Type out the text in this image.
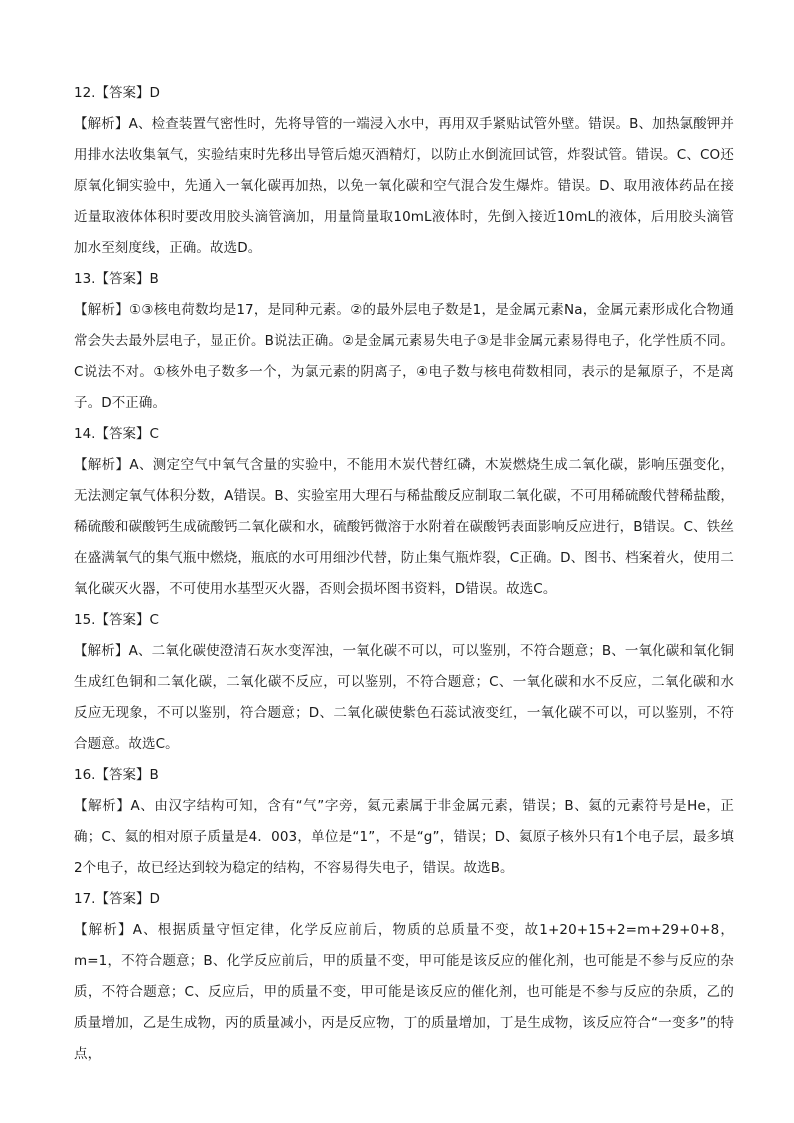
12.【答案】D

【解析】A、检查装置气密性时，先将导管的一端浸入水中，再用双手紧贴试管外壁。错误。B、加热氯酸钾并用排水法收集氧气，实验结束时先移出导管后熄灭酒精灯，以防止水倒流回试管，炸裂试管。错误。C、CO还原氧化铜实验中，先通入一氧化碳再加热，以免一氧化碳和空气混合发生爆炸。错误。D、取用液体药品在接近量取液体体积时要改用胶头滴管滴加，用量筒量取10mL液体时，先倒入接近10mL的液体，后用胶头滴管加水至刻度线，正确。故选D。

13.【答案】B

【解析】①③核电荷数均是17，是同种元素。②的最外层电子数是1，是金属元素Na，金属元素形成化合物通常会失去最外层电子，显正价。B说法正确。②是金属元素易失电子③是非金属元素易得电子，化学性质不同。C说法不对。①核外电子数多一个，为氯元素的阴离子，④电子数与核电荷数相同，表示的是氟原子，不是离子。D不正确。

14.【答案】C

【解析】A、测定空气中氧气含量的实验中，不能用木炭代替红磷，木炭燃烧生成二氧化碳，影响压强变化，无法测定氧气体积分数，A错误。B、实验室用大理石与稀盐酸反应制取二氧化碳，不可用稀硫酸代替稀盐酸，稀硫酸和碳酸钙生成硫酸钙二氧化碳和水，硫酸钙微溶于水附着在碳酸钙表面影响反应进行，B错误。C、铁丝在盛满氧气的集气瓶中燃烧，瓶底的水可用细沙代替，防止集气瓶炸裂，C正确。D、图书、档案着火，使用二氧化碳灭火器，不可使用水基型灭火器，否则会损坏图书资料，D错误。故选C。

15.【答案】C

【解析】A、二氧化碳使澄清石灰水变浑浊，一氧化碳不可以，可以鉴别，不符合题意；B、一氧化碳和氧化铜生成红色铜和二氧化碳，二氧化碳不反应，可以鉴别，不符合题意；C、一氧化碳和水不反应，二氧化碳和水反应无现象，不可以鉴别，符合题意；D、二氧化碳使紫色石蕊试液变红，一氧化碳不可以，可以鉴别，不符合题意。故选C。

16.【答案】B

【解析】A、由汉字结构可知，含有“气”字旁，氦元素属于非金属元素，错误；B、氦的元素符号是He，正确；C、氦的相对原子质量是4．003，单位是“1”，不是“g”，错误；D、氦原子核外只有1个电子层，最多填2个电子，故已经达到较为稳定的结构，不容易得失电子，错误。故选B。

17.【答案】D

【解析】A、根据质量守恒定律，化学反应前后，物质的总质量不变，故1+20+15+2=m+29+0+8，m=1，不符合题意；B、化学反应前后，甲的质量不变，甲可能是该反应的催化剂，也可能是不参与反应的杂质，不符合题意；C、反应后，甲的质量不变，甲可能是该反应的催化剂，也可能是不参与反应的杂质，乙的质量增加，乙是生成物，丙的质量减小，丙是反应物，丁的质量增加，丁是生成物，该反应符合“一变多”的特点，
